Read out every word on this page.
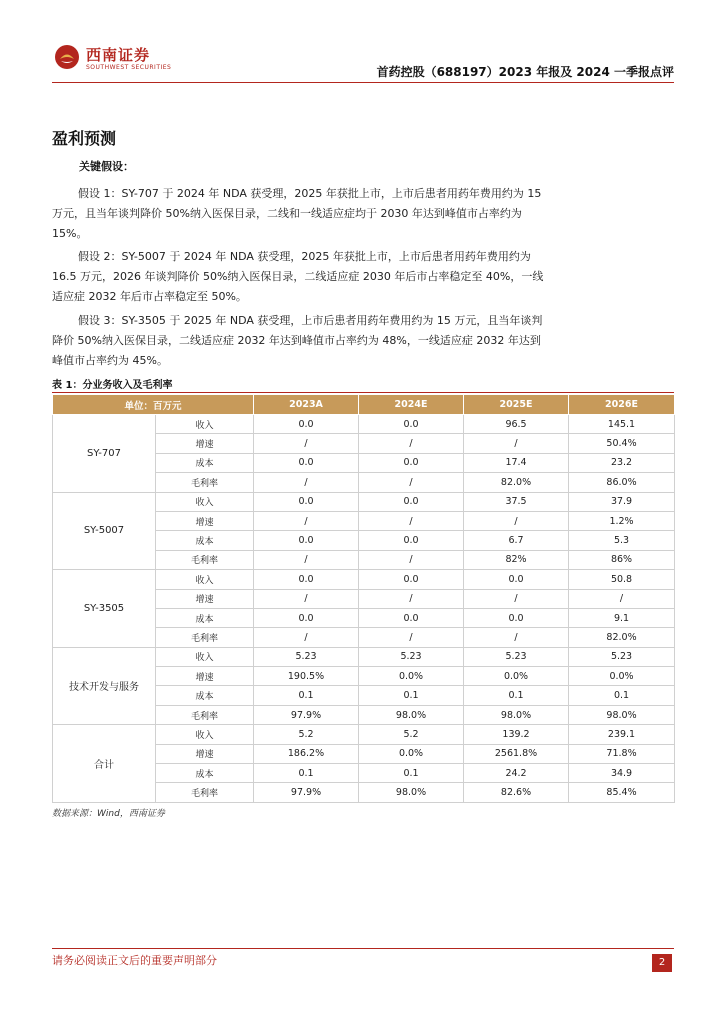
西南证券
SOUTHWEST SECURITIES	首药控股（688197）2023 年报及 2024 一季报点评
盈利预测
关键假设：

假设 1：SY-707 于 2024 年 NDA 获受理，2025 年获批上市，上市后患者用药年费用约为 15 万元，且当年谈判降价 50%纳入医保目录，二线和一线适应症均于 2030 年达到峰值市占率约为 15%。

假设 2：SY-5007 于 2024 年 NDA 获受理，2025 年获批上市，上市后患者用药年费用约为 16.5 万元，2026 年谈判降价 50%纳入医保目录，二线适应症 2030 年后市占率稳定至 40%，一线适应症 2032 年后市占率稳定至 50%。

假设 3：SY-3505 于 2025 年 NDA 获受理，上市后患者用药年费用约为 15 万元，且当年谈判降价 50%纳入医保目录，二线适应症 2032 年达到峰值市占率约为 48%，一线适应症 2032 年达到峰值市占率约为 45%。

表 1：分业务收入及毛利率
单位：百万元		2023A	2024E	2025E	2026E
SY-707	收入	0.0	0.0	96.5	145.1
	增速	/	/	/	50.4%
	成本	0.0	0.0	17.4	23.2
	毛利率	/	/	82.0%	86.0%
SY-5007	收入	0.0	0.0	37.5	37.9
	增速	/	/	/	1.2%
	成本	0.0	0.0	6.7	5.3
	毛利率	/	/	82%	86%
SY-3505	收入	0.0	0.0	0.0	50.8
	增速	/	/	/	/
	成本	0.0	0.0	0.0	9.1
	毛利率	/	/	/	82.0%
技术开发与服务	收入	5.23	5.23	5.23	5.23
	增速	190.5%	0.0%	0.0%	0.0%
	成本	0.1	0.1	0.1	0.1
	毛利率	97.9%	98.0%	98.0%	98.0%
合计	收入	5.2	5.2	139.2	239.1
	增速	186.2%	0.0%	2561.8%	71.8%
	成本	0.1	0.1	24.2	34.9
	毛利率	97.9%	98.0%	82.6%	85.4%
数据来源：Wind，西南证券
请务必阅读正文后的重要声明部分	2
